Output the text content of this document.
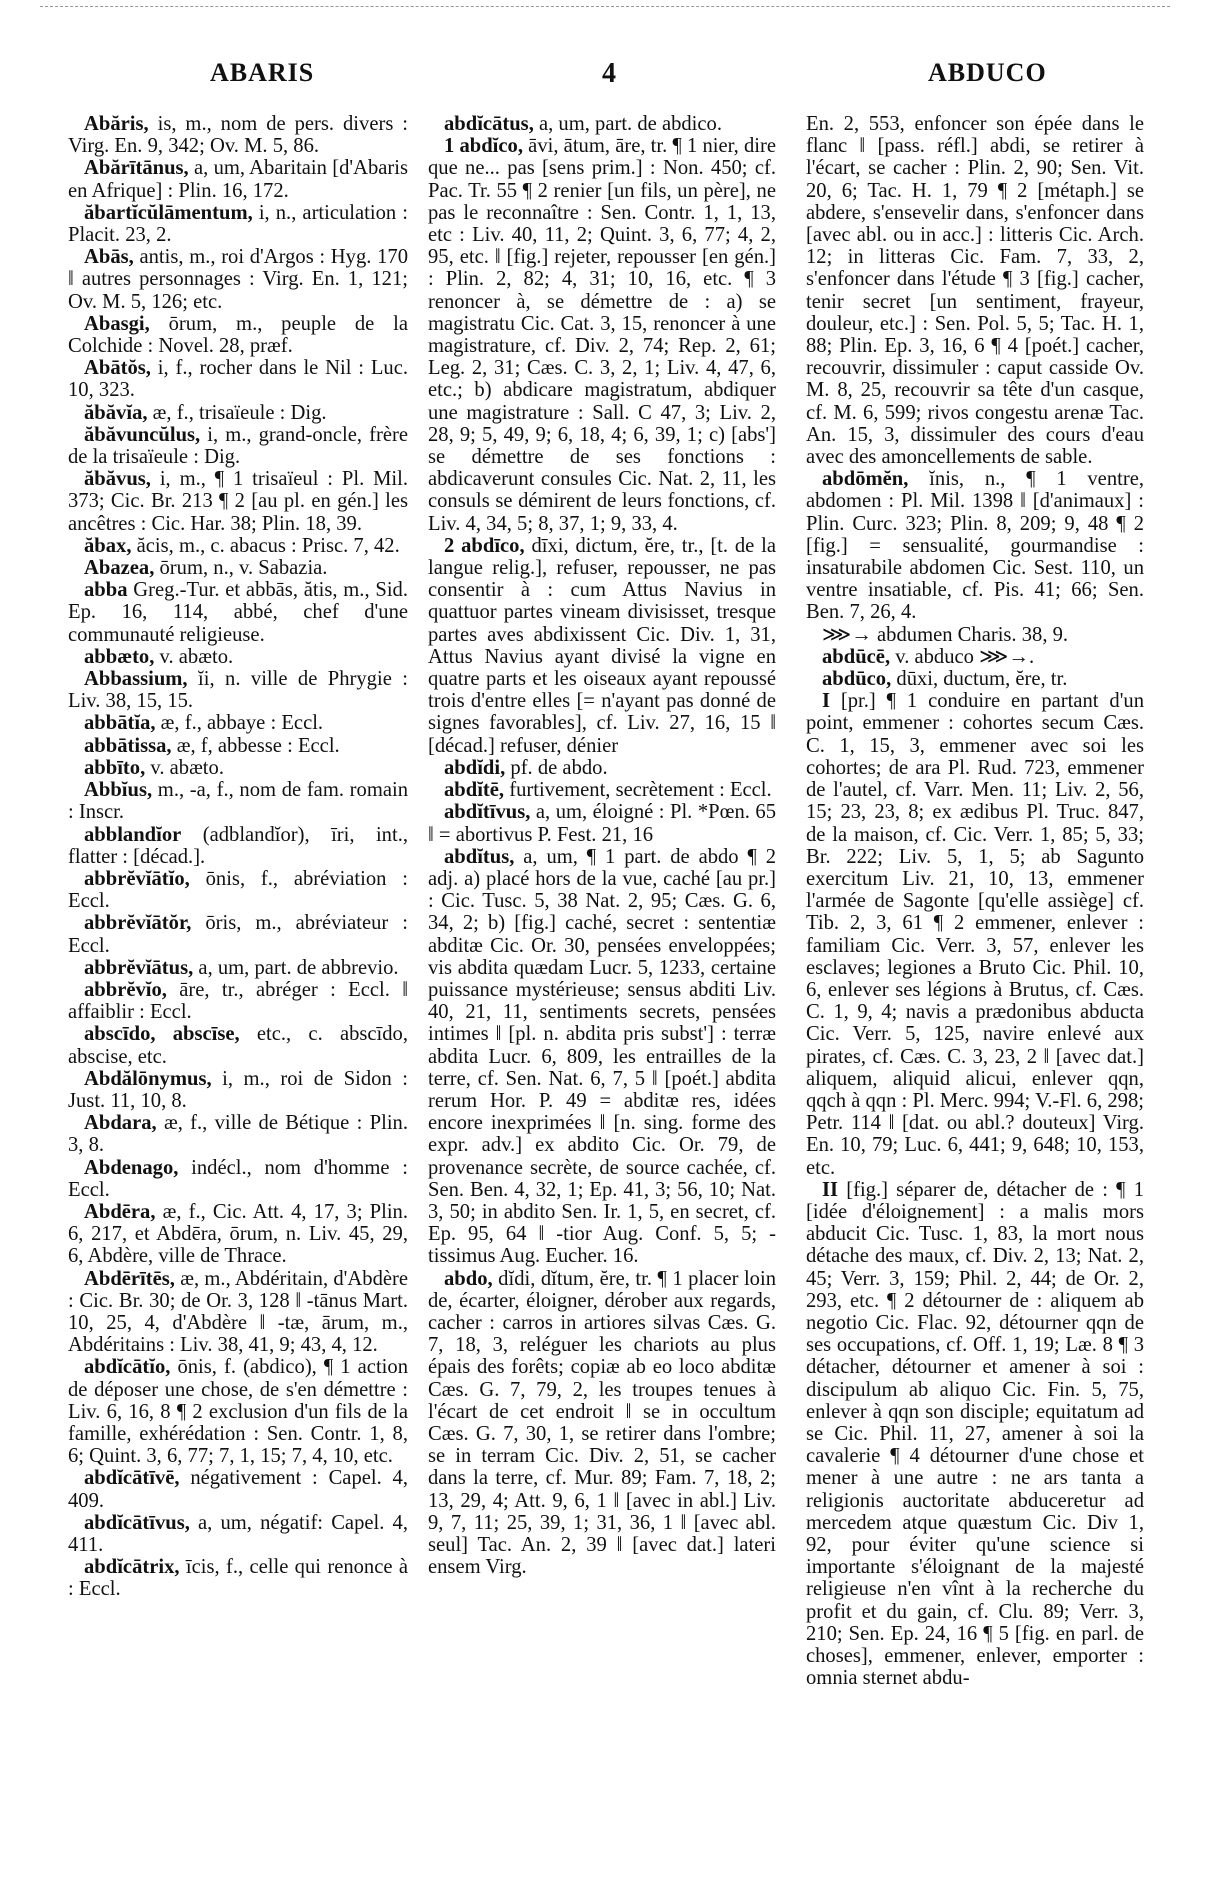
ABARIS	4	ABDUCO

Abăris, is, m., nom de pers. divers : Virg. En. 9, 342; Ov. M. 5, 86.

Abărītānus, a, um, Abaritain [d'Abaris en Afrique] : Plin. 16, 172.

ăbartĭcŭlāmentum, i, n., articulation : Placit. 23, 2.

Abās, antis, m., roi d'Argos : Hyg. 170 ‖ autres personnages : Virg. En. 1, 121; Ov. M. 5, 126; etc.

Abasgi, ōrum, m., peuple de la Colchide : Novel. 28, præf.

Abātŏs, i, f., rocher dans le Nil : Luc. 10, 323.

ăbăvĭa, æ, f., trisaïeule : Dig.

ăbăvuncŭlus, i, m., grand-oncle, frère de la trisaïeule : Dig.

ăbăvus, i, m., ¶ 1 trisaïeul : Pl. Mil. 373; Cic. Br. 213 ¶ 2 [au pl. en gén.] les ancêtres : Cic. Har. 38; Plin. 18, 39.

ăbax, ăcis, m., c. abacus : Prisc. 7, 42.

Abazea, ōrum, n., v. Sabazia.

abba Greg.-Tur. et abbās, ătis, m., Sid. Ep. 16, 114, abbé, chef d'une communauté religieuse.

abbæto, v. abæto.

Abbassium, ĭi, n. ville de Phrygie : Liv. 38, 15, 15.

abbātĭa, æ, f., abbaye : Eccl.

abbātissa, æ, f, abbesse : Eccl.

abbīto, v. abæto.

Abbĭus, m., -a, f., nom de fam. romain : Inscr.

abblandĭor (adblandĭor), īri, int., flatter : [décad.].

abbrĕvĭātĭo, ōnis, f., abréviation : Eccl.

abbrĕvĭātŏr, ōris, m., abréviateur : Eccl.

abbrĕvĭātus, a, um, part. de abbrevio.

abbrĕvĭo, āre, tr., abréger : Eccl. ‖ affaiblir : Eccl.

abscīdo, abscīse, etc., c. abscīdo, abscise, etc.

Abdălōnymus, i, m., roi de Sidon : Just. 11, 10, 8.

Abdara, æ, f., ville de Bétique : Plin. 3, 8.

Abdenago, indécl., nom d'homme : Eccl.

Abdēra, æ, f., Cic. Att. 4, 17, 3; Plin. 6, 217, et Abdēra, ōrum, n. Liv. 45, 29, 6, Abdère, ville de Thrace.

Abdērītēs, æ, m., Abdéritain, d'Abdère : Cic. Br. 30; de Or. 3, 128 ‖ -tānus Mart. 10, 25, 4, d'Abdère ‖ -tæ, ārum, m., Abdéritains : Liv. 38, 41, 9; 43, 4, 12.

abdĭcātĭo, ōnis, f. (abdico), ¶ 1 action de déposer une chose, de s'en démettre : Liv. 6, 16, 8 ¶ 2 exclusion d'un fils de la famille, exhérédation : Sen. Contr. 1, 8, 6; Quint. 3, 6, 77; 7, 1, 15; 7, 4, 10, etc.

abdĭcātīvē, négativement : Capel. 4, 409.

abdĭcātīvus, a, um, négatif: Capel. 4, 411.

abdĭcātrix, īcis, f., celle qui renonce à : Eccl.

abdĭcātus, a, um, part. de abdico.

1 abdĭco, āvi, ātum, āre, tr. ¶ 1 nier, dire que ne... pas [sens prim.] : Non. 450; cf. Pac. Tr. 55 ¶ 2 renier [un fils, un père], ne pas le reconnaître : Sen. Contr. 1, 1, 13, etc : Liv. 40, 11, 2; Quint. 3, 6, 77; 4, 2, 95, etc. ‖ [fig.] rejeter, repousser [en gén.] : Plin. 2, 82; 4, 31; 10, 16, etc. ¶ 3 renoncer à, se démettre de : a) se magistratu Cic. Cat. 3, 15, renoncer à une magistrature, cf. Div. 2, 74; Rep. 2, 61; Leg. 2, 31; Cæs. C. 3, 2, 1; Liv. 4, 47, 6, etc.; b) abdicare magistratum, abdiquer une magistrature : Sall. C 47, 3; Liv. 2, 28, 9; 5, 49, 9; 6, 18, 4; 6, 39, 1; c) [abs'] se démettre de ses fonctions : abdicaverunt consules Cic. Nat. 2, 11, les consuls se démirent de leurs fonctions, cf. Liv. 4, 34, 5; 8, 37, 1; 9, 33, 4.

2 abdīco, dīxi, dictum, ĕre, tr., [t. de la langue relig.], refuser, repousser, ne pas consentir à : cum Attus Navius in quattuor partes vineam divisisset, tresque partes aves abdixissent Cic. Div. 1, 31, Attus Navius ayant divisé la vigne en quatre parts et les oiseaux ayant repoussé trois d'entre elles [= n'ayant pas donné de signes favorables], cf. Liv. 27, 16, 15 ‖ [décad.] refuser, dénier

abdĭdi, pf. de abdo.

abdĭtē, furtivement, secrètement : Eccl.

abdĭtīvus, a, um, éloigné : Pl. *Pœn. 65 ‖ = abortivus P. Fest. 21, 16

abdĭtus, a, um, ¶ 1 part. de abdo ¶ 2 adj. a) placé hors de la vue, caché [au pr.] : Cic. Tusc. 5, 38 Nat. 2, 95; Cæs. G. 6, 34, 2; b) [fig.] caché, secret : sententiæ abditæ Cic. Or. 30, pensées enveloppées; vis abdita quædam Lucr. 5, 1233, certaine puissance mystérieuse; sensus abditi Liv. 40, 21, 11, sentiments secrets, pensées intimes ‖ [pl. n. abdita pris subst'] : terræ abdita Lucr. 6, 809, les entrailles de la terre, cf. Sen. Nat. 6, 7, 5 ‖ [poét.] abdita rerum Hor. P. 49 = abditæ res, idées encore inexprimées ‖ [n. sing. forme des expr. adv.] ex abdito Cic. Or. 79, de provenance secrète, de source cachée, cf. Sen. Ben. 4, 32, 1; Ep. 41, 3; 56, 10; Nat. 3, 50; in abdito Sen. Ir. 1, 5, en secret, cf. Ep. 95, 64 ‖ -tior Aug. Conf. 5, 5; -tissimus Aug. Eucher. 16.

abdo, dĭdi, dĭtum, ĕre, tr. ¶ 1 placer loin de, écarter, éloigner, dérober aux regards, cacher : carros in artiores silvas Cæs. G. 7, 18, 3, reléguer les chariots au plus épais des forêts; copiæ ab eo loco abditæ Cæs. G. 7, 79, 2, les troupes tenues à l'écart de cet endroit ‖ se in occultum Cæs. G. 7, 30, 1, se retirer dans l'ombre; se in terram Cic. Div. 2, 51, se cacher dans la terre, cf. Mur. 89; Fam. 7, 18, 2; 13, 29, 4; Att. 9, 6, 1 ‖ [avec in abl.] Liv. 9, 7, 11; 25, 39, 1; 31, 36, 1 ‖ [avec abl. seul] Tac. An. 2, 39 ‖ [avec dat.] lateri ensem Virg.

En. 2, 553, enfoncer son épée dans le flanc ‖ [pass. réfl.] abdi, se retirer à l'écart, se cacher : Plin. 2, 90; Sen. Vit. 20, 6; Tac. H. 1, 79 ¶ 2 [métaph.] se abdere, s'ensevelir dans, s'enfoncer dans [avec abl. ou in acc.] : litteris Cic. Arch. 12; in litteras Cic. Fam. 7, 33, 2, s'enfoncer dans l'étude ¶ 3 [fig.] cacher, tenir secret [un sentiment, frayeur, douleur, etc.] : Sen. Pol. 5, 5; Tac. H. 1, 88; Plin. Ep. 3, 16, 6 ¶ 4 [poét.] cacher, recouvrir, dissimuler : caput casside Ov. M. 8, 25, recouvrir sa tête d'un casque, cf. M. 6, 599; rivos congestu arenæ Tac. An. 15, 3, dissimuler des cours d'eau avec des amoncellements de sable.

abdōmĕn, ĭnis, n., ¶ 1 ventre, abdomen : Pl. Mil. 1398 ‖ [d'animaux] : Plin. Curc. 323; Plin. 8, 209; 9, 48 ¶ 2 [fig.] = sensualité, gourmandise : insaturabile abdomen Cic. Sest. 110, un ventre insatiable, cf. Pis. 41; 66; Sen. Ben. 7, 26, 4.

⋙→ abdumen Charis. 38, 9.

abdūcē, v. abduco ⋙→.

abdūco, dūxi, ductum, ĕre, tr.

I [pr.] ¶ 1 conduire en partant d'un point, emmener : cohortes secum Cæs. C. 1, 15, 3, emmener avec soi les cohortes; de ara Pl. Rud. 723, emmener de l'autel, cf. Varr. Men. 11; Liv. 2, 56, 15; 23, 23, 8; ex ædibus Pl. Truc. 847, de la maison, cf. Cic. Verr. 1, 85; 5, 33; Br. 222; Liv. 5, 1, 5; ab Sagunto exercitum Liv. 21, 10, 13, emmener l'armée de Sagonte [qu'elle assiège] cf. Tib. 2, 3, 61 ¶ 2 emmener, enlever : familiam Cic. Verr. 3, 57, enlever les esclaves; legiones a Bruto Cic. Phil. 10, 6, enlever ses légions à Brutus, cf. Cæs. C. 1, 9, 4; navis a prædonibus abducta Cic. Verr. 5, 125, navire enlevé aux pirates, cf. Cæs. C. 3, 23, 2 ‖ [avec dat.] aliquem, aliquid alicui, enlever qqn, qqch à qqn : Pl. Merc. 994; V.-Fl. 6, 298; Petr. 114 ‖ [dat. ou abl.? douteux] Virg. En. 10, 79; Luc. 6, 441; 9, 648; 10, 153, etc.

II [fig.] séparer de, détacher de : ¶ 1 [idée d'éloignement] : a malis mors abducit Cic. Tusc. 1, 83, la mort nous détache des maux, cf. Div. 2, 13; Nat. 2, 45; Verr. 3, 159; Phil. 2, 44; de Or. 2, 293, etc. ¶ 2 détourner de : aliquem ab negotio Cic. Flac. 92, détourner qqn de ses occupations, cf. Off. 1, 19; Læ. 8 ¶ 3 détacher, détourner et amener à soi : discipulum ab aliquo Cic. Fin. 5, 75, enlever à qqn son disciple; equitatum ad se Cic. Phil. 11, 27, amener à soi la cavalerie ¶ 4 détourner d'une chose et mener à une autre : ne ars tanta a religionis auctoritate abduceretur ad mercedem atque quæstum Cic. Div 1, 92, pour éviter qu'une science si importante s'éloignant de la majesté religieuse n'en vînt à la recherche du profit et du gain, cf. Clu. 89; Verr. 3, 210; Sen. Ep. 24, 16 ¶ 5 [fig. en parl. de choses], emmener, enlever, emporter : omnia sternet abdu-
